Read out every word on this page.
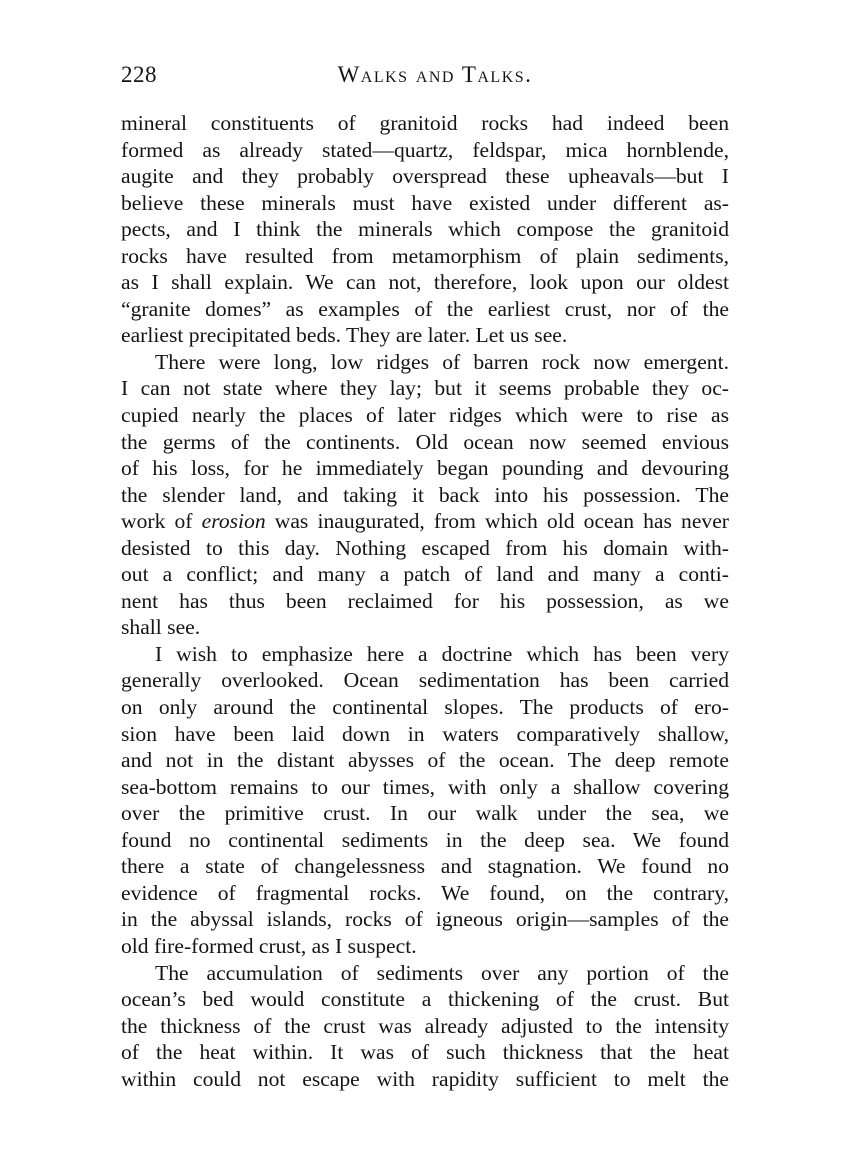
228	Walks and Talks.
mineral constituents of granitoid rocks had indeed been
formed as already stated—quartz, feldspar, mica hornblende,
augite and they probably overspread these upheavals—but I
believe these minerals must have existed under different as-
pects, and I think the minerals which compose the granitoid
rocks have resulted from metamorphism of plain sediments,
as I shall explain. We can not, therefore, look upon our oldest
“granite domes” as examples of the earliest crust, nor of the
earliest precipitated beds. They are later. Let us see.
There were long, low ridges of barren rock now emergent.
I can not state where they lay; but it seems probable they oc-
cupied nearly the places of later ridges which were to rise as
the germs of the continents. Old ocean now seemed envious
of his loss, for he immediately began pounding and devouring
the slender land, and taking it back into his possession. The
work of erosion was inaugurated, from which old ocean has never
desisted to this day. Nothing escaped from his domain with-
out a conflict; and many a patch of land and many a conti-
nent has thus been reclaimed for his possession, as we
shall see.
I wish to emphasize here a doctrine which has been very
generally overlooked. Ocean sedimentation has been carried
on only around the continental slopes. The products of ero-
sion have been laid down in waters comparatively shallow,
and not in the distant abysses of the ocean. The deep remote
sea-bottom remains to our times, with only a shallow covering
over the primitive crust. In our walk under the sea, we
found no continental sediments in the deep sea. We found
there a state of changelessness and stagnation. We found no
evidence of fragmental rocks. We found, on the contrary,
in the abyssal islands, rocks of igneous origin—samples of the
old fire-formed crust, as I suspect.
The accumulation of sediments over any portion of the
ocean’s bed would constitute a thickening of the crust. But
the thickness of the crust was already adjusted to the intensity
of the heat within. It was of such thickness that the heat
within could not escape with rapidity sufficient to melt the
